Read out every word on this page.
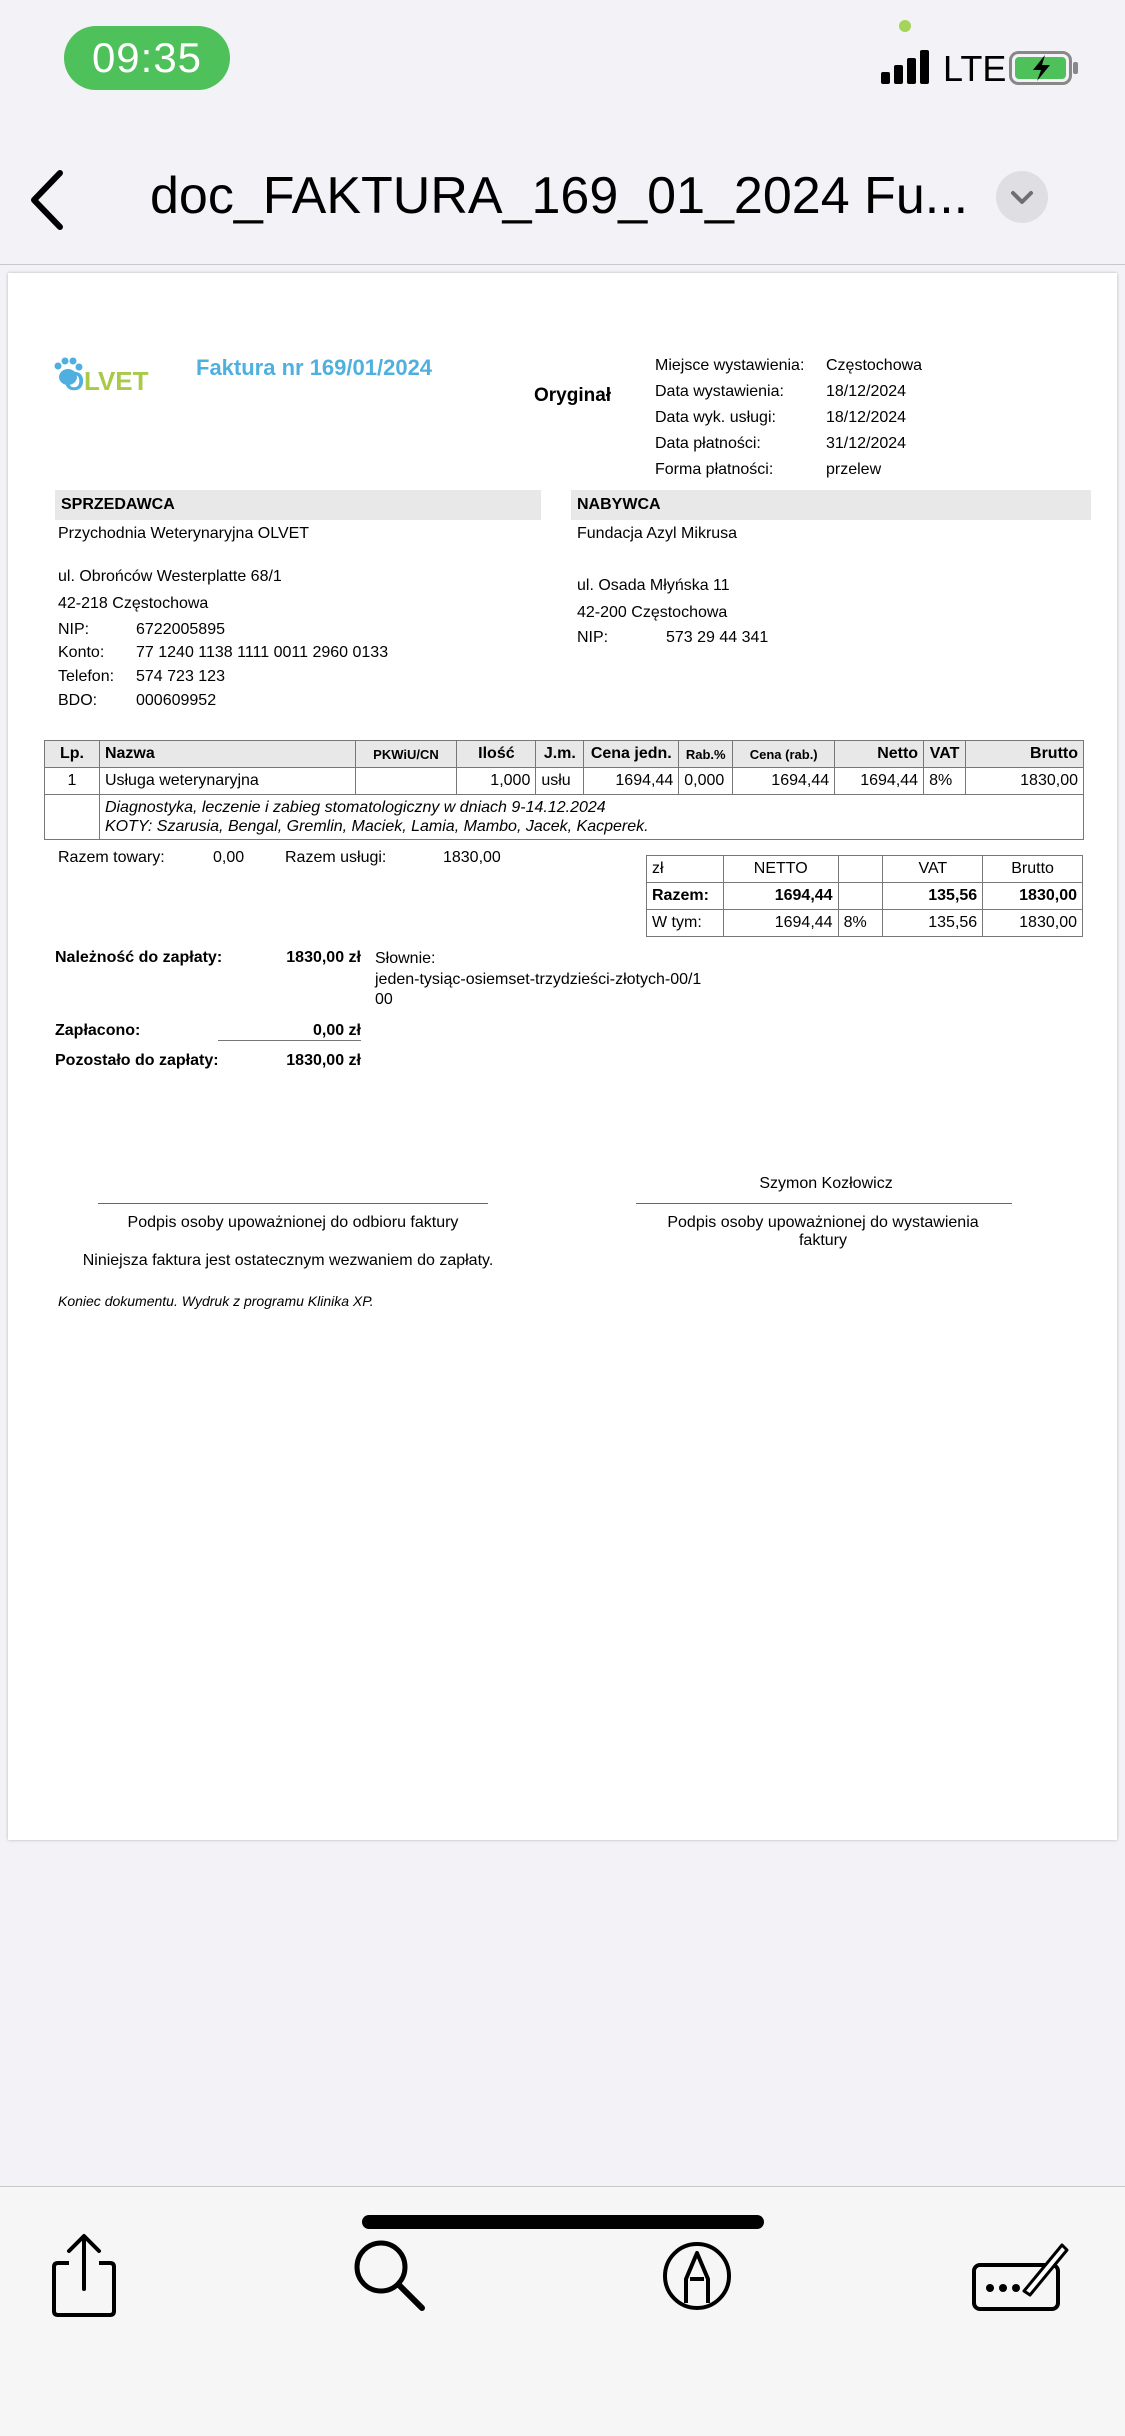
09:35	LTE
doc_FAKTURA_169_01_2024 Fu...
O LVET Faktura nr 169/01/2024
Oryginał
Miejsce wystawienia:	Częstochowa
Data wystawienia:	18/12/2024
Data wyk. usługi:	18/12/2024
Data płatności:	31/12/2024
Forma płatności:	przelew
SPRZEDAWCA
Przychodnia Weterynaryjna OLVET
ul. Obrońców Westerplatte 68/1
42-218 Częstochowa
NIP:	6722005895
Konto: 77 1240 1138 1111 0011 2960 0133
Telefon: 574 723 123
BDO: 000609952
NABYWCA
Fundacja Azyl Mikrusa
ul. Osada Młyńska 11
42-200 Częstochowa
NIP:	573 29 44 341
Lp.	Nazwa	PKWiU/CN	Ilość	J.m.	Cena jedn.	Rab.%	Cena (rab.)	Netto	VAT	Brutto
1	Usługa weterynaryjna		1,000	usłu	1694,44	0,000	1694,44	1694,44	8%	1830,00

	Diagnostyka, leczenie i zabieg stomatologiczny w dniach 9-14.12.2024
KOTY: Szarusia, Bengal, Gremlin, Maciek, Lamia, Mambo, Jacek, Kacperek.									
Razem towary:	0,00	Razem usługi:	1830,00
zł	NETTO		VAT	Brutto
Razem:	1694,44		135,56	1830,00
W tym:	1694,44	8%	135,56	1830,00
Należność do zapłaty:	1830,00 zł Słownie:
jeden-tysiąc-osiemset-trzydzieści-złotych-00/1
00
Zapłacono:	0,00 zł
Pozostało do zapłaty:	1830,00 zł
Szymon Kozłowicz
Podpis osoby upoważnionej do odbioru faktury	Podpis osoby upoważnionej do wystawienia
faktury
Niniejsza faktura jest ostatecznym wezwaniem do zapłaty.
Koniec dokumentu. Wydruk z programu Klinika XP.
